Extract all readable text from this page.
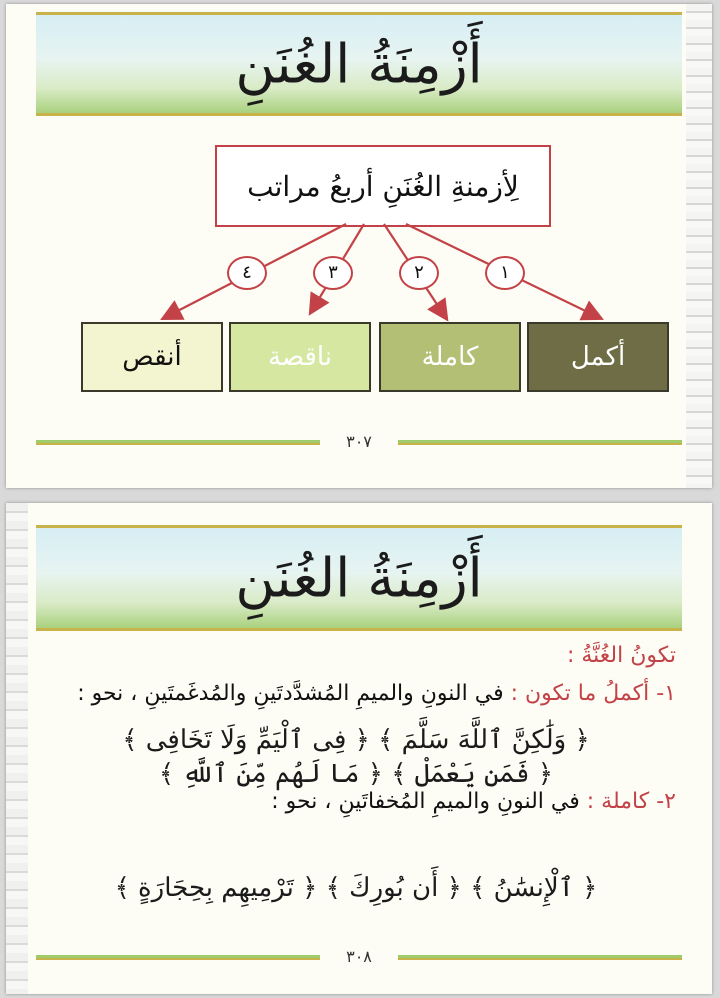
أَزْمِنَةُ الغُنَنِ
لِأزمنةِ الغُنَنِ أربعُ مراتب
١
٢
٣
٤
أكمل
كاملة
ناقصة
أنقص
٣٠٧
أَزْمِنَةُ الغُنَنِ
تكونُ الغُنَّةُ :
١- أكملُ ما تكون : في النونِ والميمِ المُشدَّدتَينِ والمُدغَمتَينِ ، نحو :
﴿ وَلَٰكِنَّ ٱللَّهَ سَلَّمَ ﴾ ﴿ فِى ٱلْيَمِّ وَلَا تَخَافِى ﴾
﴿ فَمَن يَعْمَلْ ﴾ ﴿ مَا لَهُم مِّنَ ٱللَّهِ ﴾
٢- كاملة : في النونِ والميمِ المُخفاتَينِ ، نحو :
﴿ ٱلْإِنسَٰنُ ﴾ ﴿ أَن بُورِكَ ﴾ ﴿ تَرْمِيهِم بِحِجَارَةٍ ﴾
٣٠٨
